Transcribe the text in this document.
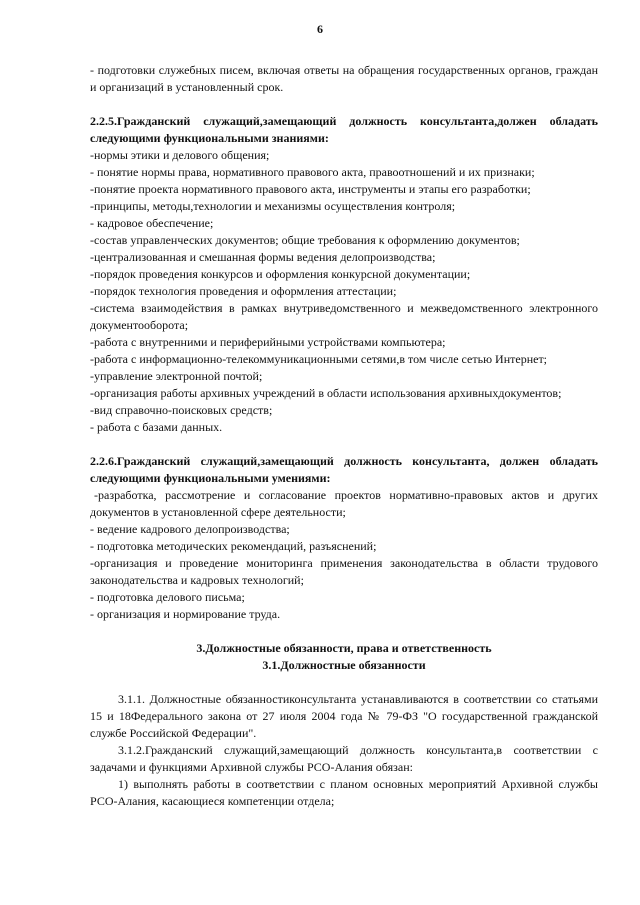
6

- подготовки служебных писем, включая ответы на обращения государственных органов, граждан и организаций в установленный срок.

2.2.5.Гражданский служащий,замещающий должность консультанта,должен обладать следующими функциональными знаниями:

-нормы этики и делового общения;

- понятие нормы права, нормативного правового акта, правоотношений и их признаки;

-понятие проекта нормативного правового акта, инструменты и этапы его разработки;

-принципы, методы,технологии и механизмы осуществления контроля;

- кадровое обеспечение;

-состав управленческих документов; общие требования к оформлению документов;

-централизованная и смешанная формы ведения делопроизводства;

-порядок проведения конкурсов и оформления конкурсной документации;

-порядок технология проведения и оформления аттестации;

-система взаимодействия в рамках внутриведомственного и межведомственного электронного документооборота;

-работа с внутренними и периферийными устройствами компьютера;

-работа с информационно-телекоммуникационными сетями,в том числе сетью Интернет;

-управление электронной почтой;

-организация работы архивных учреждений в области использования архивныхдокументов;

-вид справочно-поисковых средств;

- работа с базами данных.

2.2.6.Гражданский служащий,замещающий должность консультанта, должен обладать следующими функциональными умениями:

-разработка, рассмотрение и согласование проектов нормативно-правовых актов и других документов в установленной сфере деятельности;

- ведение кадрового делопроизводства;

- подготовка методических рекомендаций, разъяснений;

-организация и проведение мониторинга применения законодательства в области трудового законодательства и кадровых технологий;

- подготовка делового письма;

- организация и нормирование труда.

3.Должностные обязанности, права и ответственность

3.1.Должностные обязанности

3.1.1. Должностные обязанностиконсультанта устанавливаются в соответствии со статьями 15 и 18Федерального закона от 27 июля 2004 года № 79-ФЗ "О государственной гражданской службе Российской Федерации".

3.1.2.Гражданский служащий,замещающий должность консультанта,в соответствии с задачами и функциями Архивной службы РСО-Алания обязан:

1) выполнять работы в соответствии с планом основных мероприятий Архивной службы РСО-Алания, касающиеся компетенции отдела;
